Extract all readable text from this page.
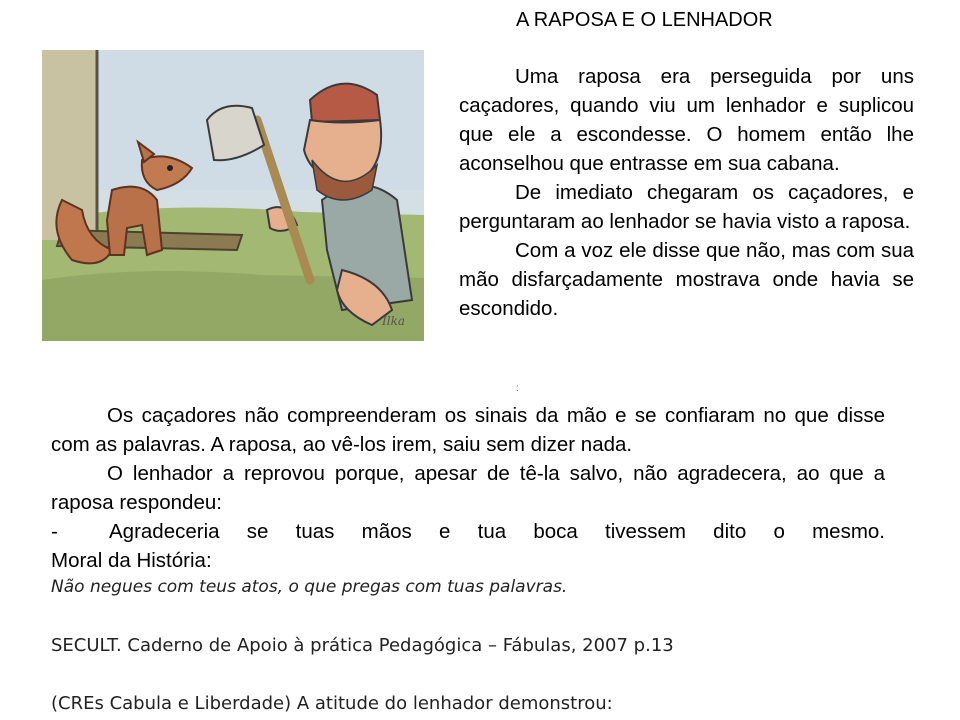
A RAPOSA E O LENHADOR
Ilka

Uma raposa era perseguida por uns caçadores, quando viu um lenhador e suplicou que ele a escondesse. O homem então lhe aconselhou que entrasse em sua cabana.

De imediato chegaram os caçadores, e perguntaram ao lenhador se havia visto a raposa.

Com a voz ele disse que não, mas com sua mão disfarçadamente mostrava onde havia se escondido.

:

Os caçadores não compreenderam os sinais da mão e se confiaram no que disse com as palavras. A raposa, ao vê-los irem, saiu sem dizer nada.

O lenhador a reprovou porque, apesar de tê-la salvo, não agradecera, ao que a raposa respondeu:

-	Agradeceria se tuas mãos e tua boca tivessem dito o mesmo.
Moral da História:
Não negues com teus atos, o que pregas com tuas palavras.
SECULT. Caderno de Apoio à prática Pedagógica – Fábulas, 2007 p.13
(CREs Cabula e Liberdade) A atitude do lenhador demonstrou:
